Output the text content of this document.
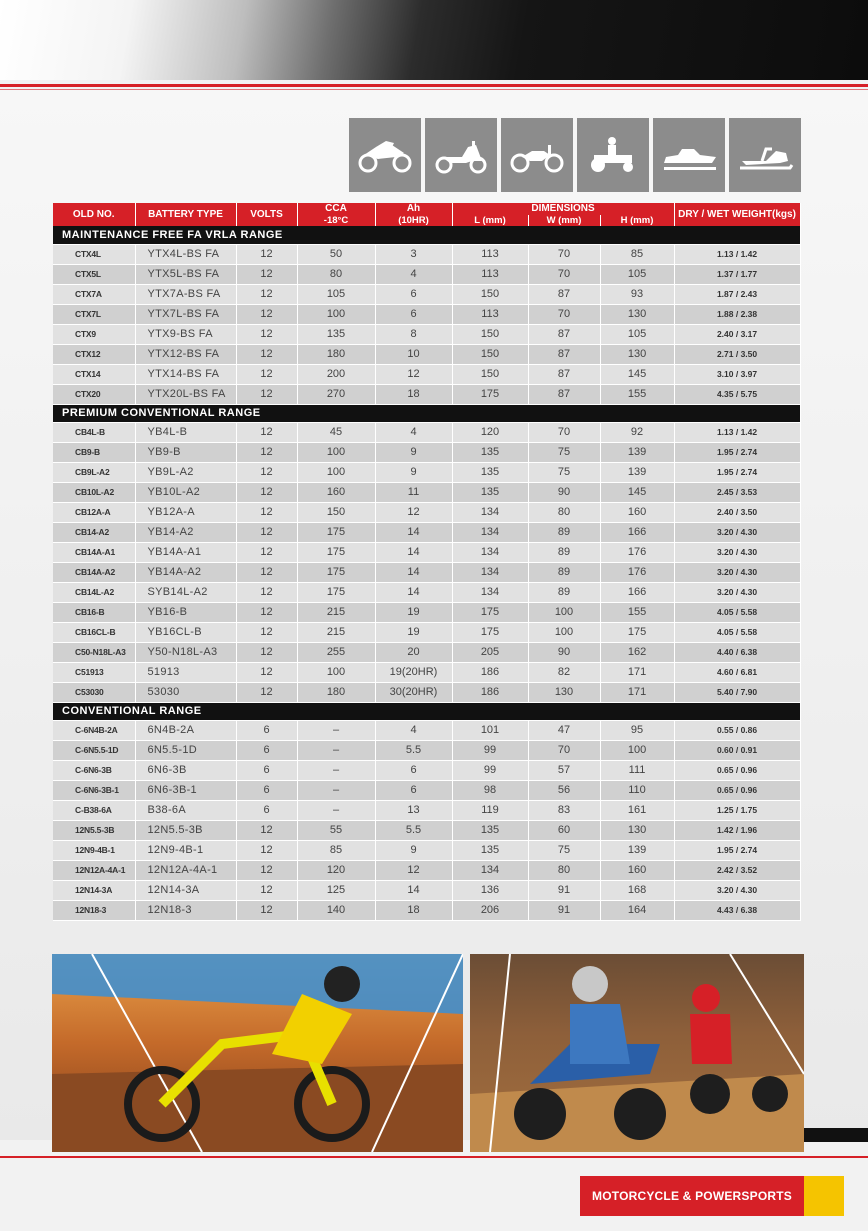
OLD NO.	BATTERY TYPE	VOLTS	CCA	Ah	DIMENSIONS			DRY / WET WEIGHT(kgs)
			-18°C	(10HR)	L (mm)	W (mm)	H (mm)	
MAINTENANCE FREE FA VRLA RANGE								
CTX4L	YTX4L-BS FA	12	50	3	113	70	85	1.13 / 1.42
CTX5L	YTX5L-BS FA	12	80	4	113	70	105	1.37 / 1.77
CTX7A	YTX7A-BS FA	12	105	6	150	87	93	1.87 / 2.43
CTX7L	YTX7L-BS FA	12	100	6	113	70	130	1.88 / 2.38
CTX9	YTX9-BS FA	12	135	8	150	87	105	2.40 / 3.17
CTX12	YTX12-BS FA	12	180	10	150	87	130	2.71 / 3.50
CTX14	YTX14-BS FA	12	200	12	150	87	145	3.10 / 3.97
CTX20	YTX20L-BS FA	12	270	18	175	87	155	4.35 / 5.75
PREMIUM CONVENTIONAL RANGE								
CB4L-B	YB4L-B	12	45	4	120	70	92	1.13 / 1.42
CB9-B	YB9-B	12	100	9	135	75	139	1.95 / 2.74
CB9L-A2	YB9L-A2	12	100	9	135	75	139	1.95 / 2.74
CB10L-A2	YB10L-A2	12	160	11	135	90	145	2.45 / 3.53
CB12A-A	YB12A-A	12	150	12	134	80	160	2.40 / 3.50
CB14-A2	YB14-A2	12	175	14	134	89	166	3.20 / 4.30
CB14A-A1	YB14A-A1	12	175	14	134	89	176	3.20 / 4.30
CB14A-A2	YB14A-A2	12	175	14	134	89	176	3.20 / 4.30
CB14L-A2	SYB14L-A2	12	175	14	134	89	166	3.20 / 4.30
CB16-B	YB16-B	12	215	19	175	100	155	4.05 / 5.58
CB16CL-B	YB16CL-B	12	215	19	175	100	175	4.05 / 5.58
C50-N18L-A3	Y50-N18L-A3	12	255	20	205	90	162	4.40 / 6.38
C51913	51913	12	100	19(20HR)	186	82	171	4.60 / 6.81
C53030	53030	12	180	30(20HR)	186	130	171	5.40 / 7.90
CONVENTIONAL RANGE								
C-6N4B-2A	6N4B-2A	6	–	4	101	47	95	0.55 / 0.86
C-6N5.5-1D	6N5.5-1D	6	–	5.5	99	70	100	0.60 / 0.91
C-6N6-3B	6N6-3B	6	–	6	99	57	111	0.65 / 0.96
C-6N6-3B-1	6N6-3B-1	6	–	6	98	56	110	0.65 / 0.96
C-B38-6A	B38-6A	6	–	13	119	83	161	1.25 / 1.75
12N5.5-3B	12N5.5-3B	12	55	5.5	135	60	130	1.42 / 1.96
12N9-4B-1	12N9-4B-1	12	85	9	135	75	139	1.95 / 2.74
12N12A-4A-1	12N12A-4A-1	12	120	12	134	80	160	2.42 / 3.52
12N14-3A	12N14-3A	12	125	14	136	91	168	3.20 / 4.30
12N18-3	12N18-3	12	140	18	206	91	164	4.43 / 6.38
MOTORCYCLE & POWERSPORTS
